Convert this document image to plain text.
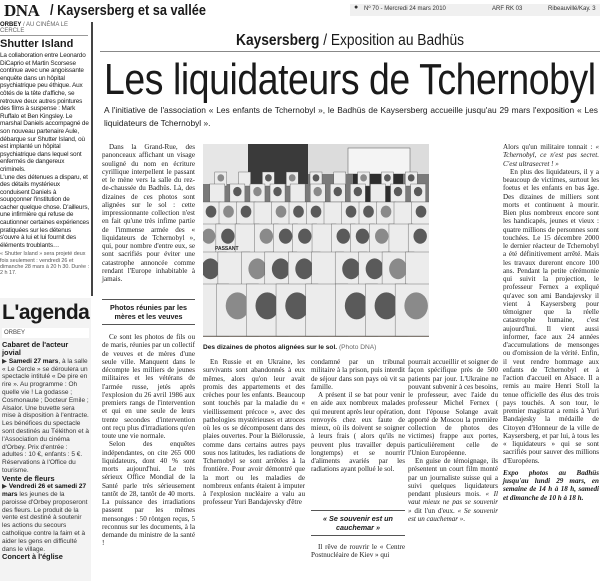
DNA / Kaysersberg et sa vallée	● Nº 70 - Mercredi 24 mars 2010	ARF RK 03	Ribeauvillé/Kay. 3
ORBEY / AU CINÉMA LE CERCLE
Shutter Island
La collaboration entre Leonardo DiCaprio et Martin Scorsese continue avec une angoissante enquête dans un hôpital psychiatrique peu éthique. Aux côtés de la tête d'affiche, se retrouve deux autres pointures des films à suspense : Mark Ruffalo et Ben Kingsley. Le marshal Daniels accompagné de son nouveau partenaire Aule, débarque sur Shutter Island, où est implanté un hôpital psychiatrique dans lequel sont enfermés de dangereux criminels.
L'une des détenues a disparu, et des détails mystérieux conduisent Daniels à soupçonner l'institution de cacher quelque chose. D'ailleurs, une infirmière qui refuse de cautionner certaines expériences pratiquées sur les détenus s'ouvre à lui et lui fournit des éléments troublants…
« Shutter Island » sera projeté deux fois seulement : vendredi 26 et dimanche 28 mars à 20 h 30. Durée : 2 h 17.
L'agenda
ORBEY
Cabaret de l'acteur jovial
▶ Samedi 27 mars, à la salle « Le Cercle » se déroulera un spectacle intitulé « De pire en rire ». Au programme : Oh quelle vie ! La godasse ; Cosmonaute ; Docteur Emile ; Alsalor. Une buvette sera mise à disposition à l'entracte. Les bénéfices du spectacle sont destinés au Téléthon et à l'Association du cinéma d'Orbey. Prix d'entrée : adultes : 10 €, enfants : 5 €. Réservations à l'Office du tourisme.
Vente de fleurs
▶ Vendredi 26 et samedi 27 mars les jeunes de la paroisse d'Orbey proposeront des fleurs. Le produit de la vente est destiné à soutenir les actions du secours catholique contre la faim et à aider les gens en difficulté dans le village.
Concert à l'église
Kaysersberg / Exposition au Badhüs
Les liquidateurs de Tchernobyl
A l'initiative de l'association « Les enfants de Tchernobyl », le Badhüs de Kaysersberg accueille jusqu'au 29 mars l'exposition « Les liquidateurs de Tchernobyl ».

Dans la Grand-Rue, des panonceaux affichant un visage souligné du nom en écriture cyrillique interpellent le passant et le mène vers la salle du rez-de-chaussée du Badhüs. Là, des dizaines de ces photos sont alignées sur le sol : cette impressionnante collection n'est en fait qu'une très infime partie de l'immense armée des « liquidateurs de Tchernobyl », qui, pour nombre d'entre eux, se sont sacrifiés pour éviter une catastrophe annoncée comme rendant l'Europe inhabitable à jamais.

Photos réunies par les mères et les veuves

Ce sont les photos de fils ou de maris, réunies par un collectif de veuves et de mères d'une seule ville. Manquent dans le décompte les milliers de jeunes militaires et les vétérans de l'armée russe, jetés après l'explosion du 26 avril 1986 aux premiers rangs de l'intervention et qui en une seule de leurs trente secondes d'intervention ont reçu plus d'irradiations qu'en toute une vie normale.

Selon des enquêtes indépendantes, on cite 265 000 liquidateurs, dont 40 % sont morts aujourd'hui. Le très sérieux Office Mondial de la Santé parle très sérieusement tantôt de 28, tantôt de 40 morts. La puissance des irradiations passent par les mêmes mensonges : 50 röntgen reçus, 5 reconnus sur les documents, à la demande du ministre de la santé !

PASSANT
Des dizaines de photos alignées sur le sol. (Photo DNA)

En Russie et en Ukraine, les survivants sont abandonnés à eux mêmes, alors qu'on leur avait promis des appartements et des crèches pour les enfants. Beaucoup sont touchés par la maladie du « vieillissement précoce », avec des pathologies mystérieuses et atroces où les os se décomposent dans des plaies ouvertes. Pour la Biélorussie, comme dans certains autres pays sous nos latitudes, les radiations de Tchernobyl se sont arrêtées à la frontière. Pour avoir démontré que la mort ou les maladies de nombreux enfants étaient à imputer à l'explosion nucléaire a valu au professeur Yuri Bandajevsky d'être

condamné par un tribunal militaire à la prison, puis interdit de séjour dans son pays où vit sa famille.

A présent il se bat pour venir en aide aux nombreux malades qui meurent après leur opération, renvoyés chez eux faute de mieux, où ils doivent se soigner à leurs frais ( alors qu'ils ne peuvent plus travailler depuis longtemps) et se nourrir d'aliments avariés par les radiations ayant pollué le sol.

« Se souvenir est un cauchemar »

Il rêve de rouvrir le « Centre Postnucléaire de Kiev » qui

pourrait accueillir et soigner de façon spécifique près de 500 patients par jour. L'Ukraine ne pouvant subvenir à ces besoins, le professeur, avec l'aide du professeur Michel Fernex ( dont l'épouse Solange avait apporté de Moscou la première collection de photos des victimes) frappe aux portes, particulièrement celle de l'Union Européenne.

En guise de témoignage, ils présentent un court film monté par un journaliste suisse qui a suivi quelques liquidateurs pendant plusieurs mois. « Il vaut mieux ne pas se souvenir » dit l'un d'eux. « Se souvenir est un cauchemar ».

Alors qu'un militaire tonnait : « Tchernobyl, ce n'est pas secret. C'est ultrasecret ! »

En plus des liquidateurs, il y a beaucoup de victimes, surtout les foetus et les enfants en bas âge. Des dizaines de milliers sont morts et continuent à mourir. Bien plus nombreux encore sont les handicapés, jeunes et vieux : quatre millions de personnes sont touchées. Le 15 décembre 2000 le dernier réacteur de Tchernobyl a été définitivement arrêté. Mais les travaux dureront encore 100 ans. Pendant la petite cérémonie qui suivit la projection, le professeur Fernex a expliqué qu'avec son ami Bandajevsky il vient à Kaysersberg pour témoigner que la réelle catastrophe humaine, c'est aujourd'hui. Il vient aussi informer, face aux 24 années d'accumulations de mensonges ou d'omission de la vérité. Enfin, il veut rendre hommage aux enfants de Tchernobyl et à l'action d'accueil en Alsace. Il a remis au maire Henri Stoll la tenue officielle des élus des trois pays touchés. A son tour, le premier magistrat a remis à Yuri Bandajesky la médaille de Citoyen d'Honneur de la ville de Kaysersberg, et par lui, à tous les « liquidateurs » qui se sont sacrifiés pour sauver des millions d'Européens.

Expo photos au Badhüs jusqu'au lundi 29 mars, en semaine de 14 h à 18 h, samedi et dimanche de 10 h à 18 h.
